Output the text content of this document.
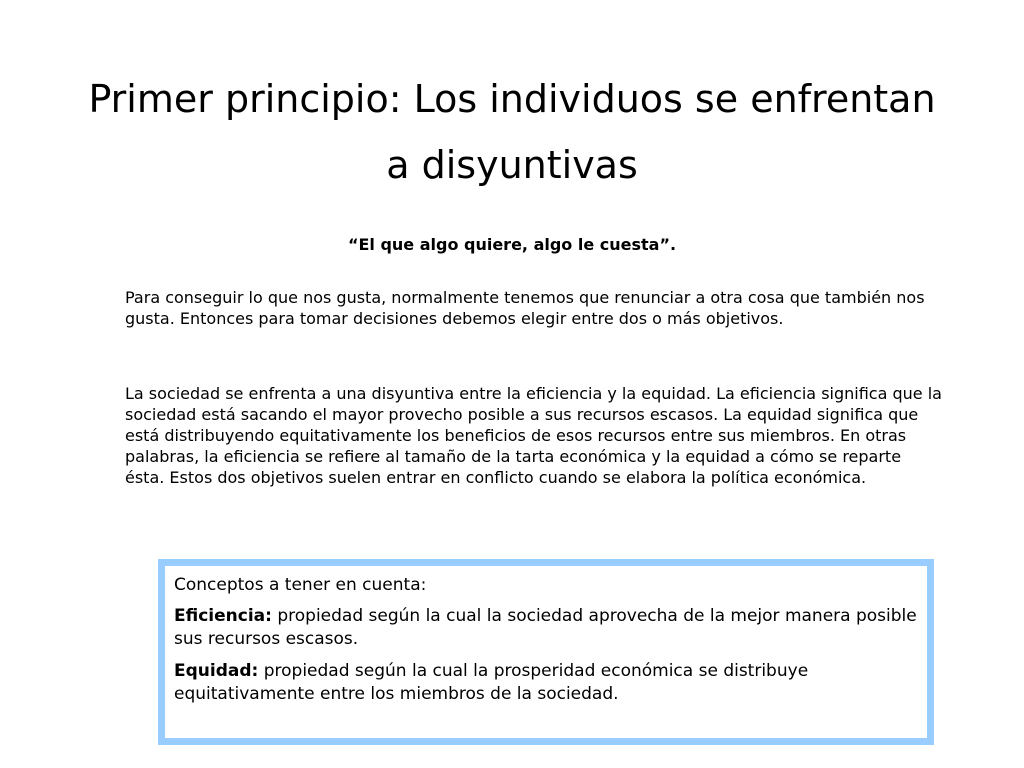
Primer principio: Los individuos se enfrentan a disyuntivas

“El que algo quiere, algo le cuesta”.

Para conseguir lo que nos gusta, normalmente tenemos que renunciar a otra cosa que también nos gusta. Entonces para tomar decisiones debemos elegir entre dos o más objetivos.

La sociedad se enfrenta a una disyuntiva entre la eficiencia y la equidad. La eficiencia significa que la sociedad está sacando el mayor provecho posible a sus recursos escasos. La equidad significa que está distribuyendo equitativamente los beneficios de esos recursos entre sus miembros. En otras palabras, la eficiencia se refiere al tamaño de la tarta económica y la equidad a cómo se reparte ésta. Estos dos objetivos suelen entrar en conflicto cuando se elabora la política económica.

Conceptos a tener en cuenta:

Eficiencia: propiedad según la cual la sociedad aprovecha de la mejor manera posible sus recursos escasos.

Equidad: propiedad según la cual la prosperidad económica se distribuye equitativamente entre los miembros de la sociedad.
